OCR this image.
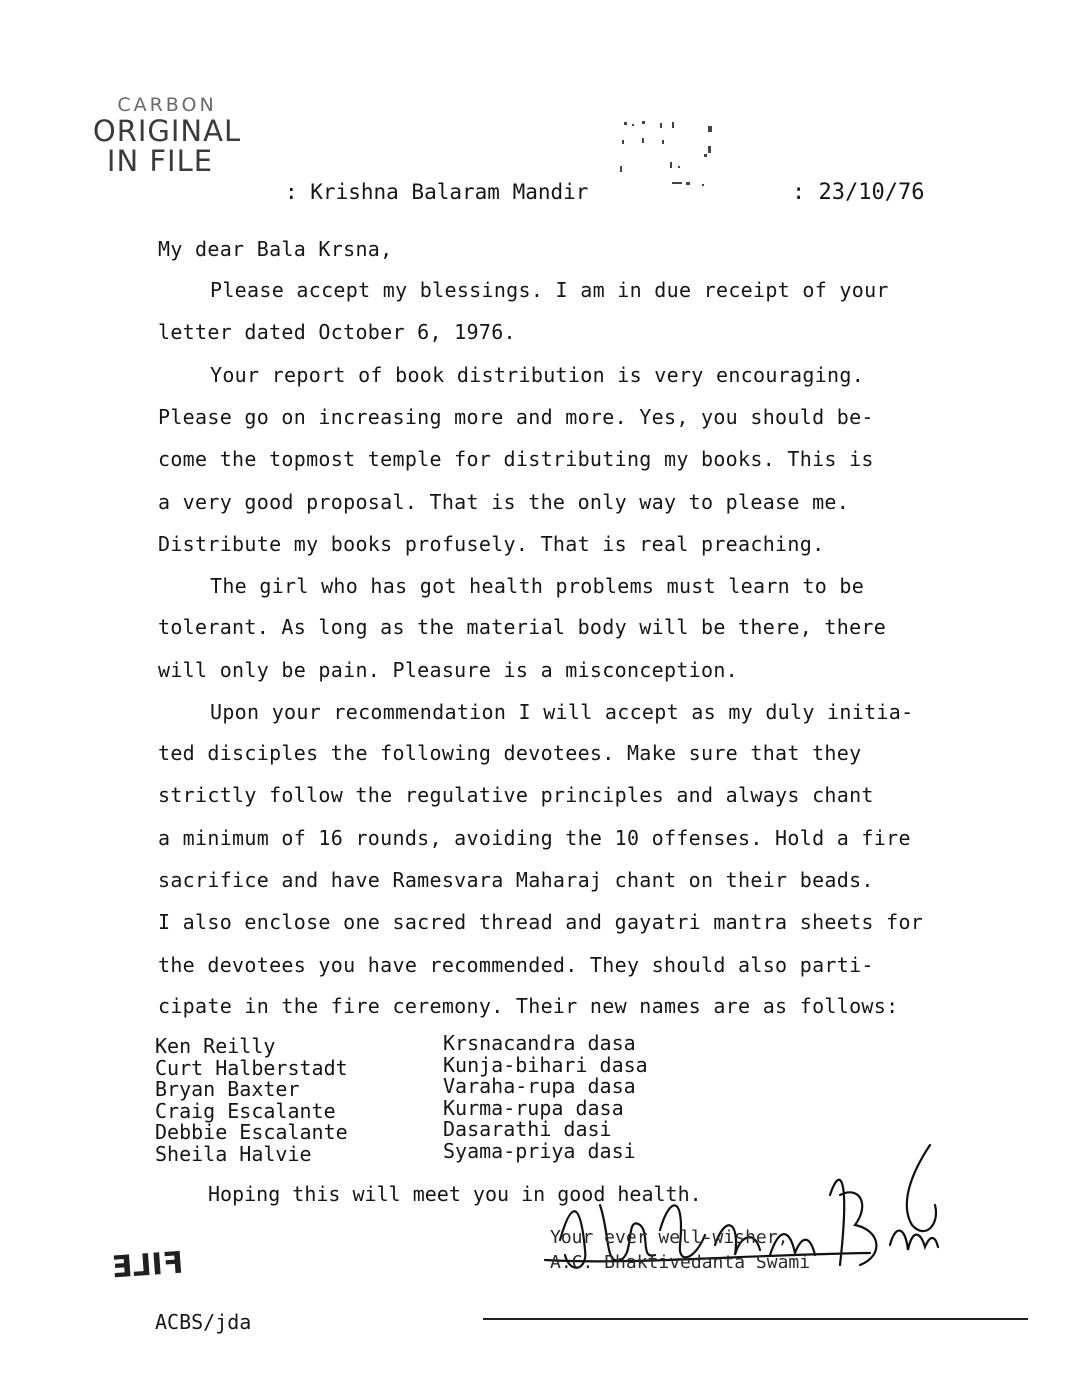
CARBON
ORIGINAL
IN FILE
: Krishna Balaram Mandir	: 23/10/76
My dear Bala Krsna,
Please accept my blessings. I am in due receipt of your
letter dated October 6, 1976.
Your report of book distribution is very encouraging.
Please go on increasing more and more. Yes, you should be-
come the topmost temple for distributing my books. This is
a very good proposal. That is the only way to please me.
Distribute my books profusely. That is real preaching.
The girl who has got health problems must learn to be
tolerant. As long as the material body will be there, there
will only be pain. Pleasure is a misconception.
Upon your recommendation I will accept as my duly initia-
ted disciples the following devotees. Make sure that they
strictly follow the regulative principles and always chant
a minimum of 16 rounds, avoiding the 10 offenses. Hold a fire
sacrifice and have Ramesvara Maharaj chant on their beads.
I also enclose one sacred thread and gayatri mantra sheets for
the devotees you have recommended. They should also parti-
cipate in the fire ceremony. Their new names are as follows:
Ken Reilly
Curt Halberstadt
Bryan Baxter
Craig Escalante
Debbie Escalante
Sheila Halvie
Krsnacandra dasa
Kunja-bihari dasa
Varaha-rupa dasa
Kurma-rupa dasa
Dasarathi dasi
Syama-priya dasi
Hoping this will meet you in good health.
Your ever well-wisher,
A.C. Bhaktivedanta Swami
FILE
ACBS/jda
